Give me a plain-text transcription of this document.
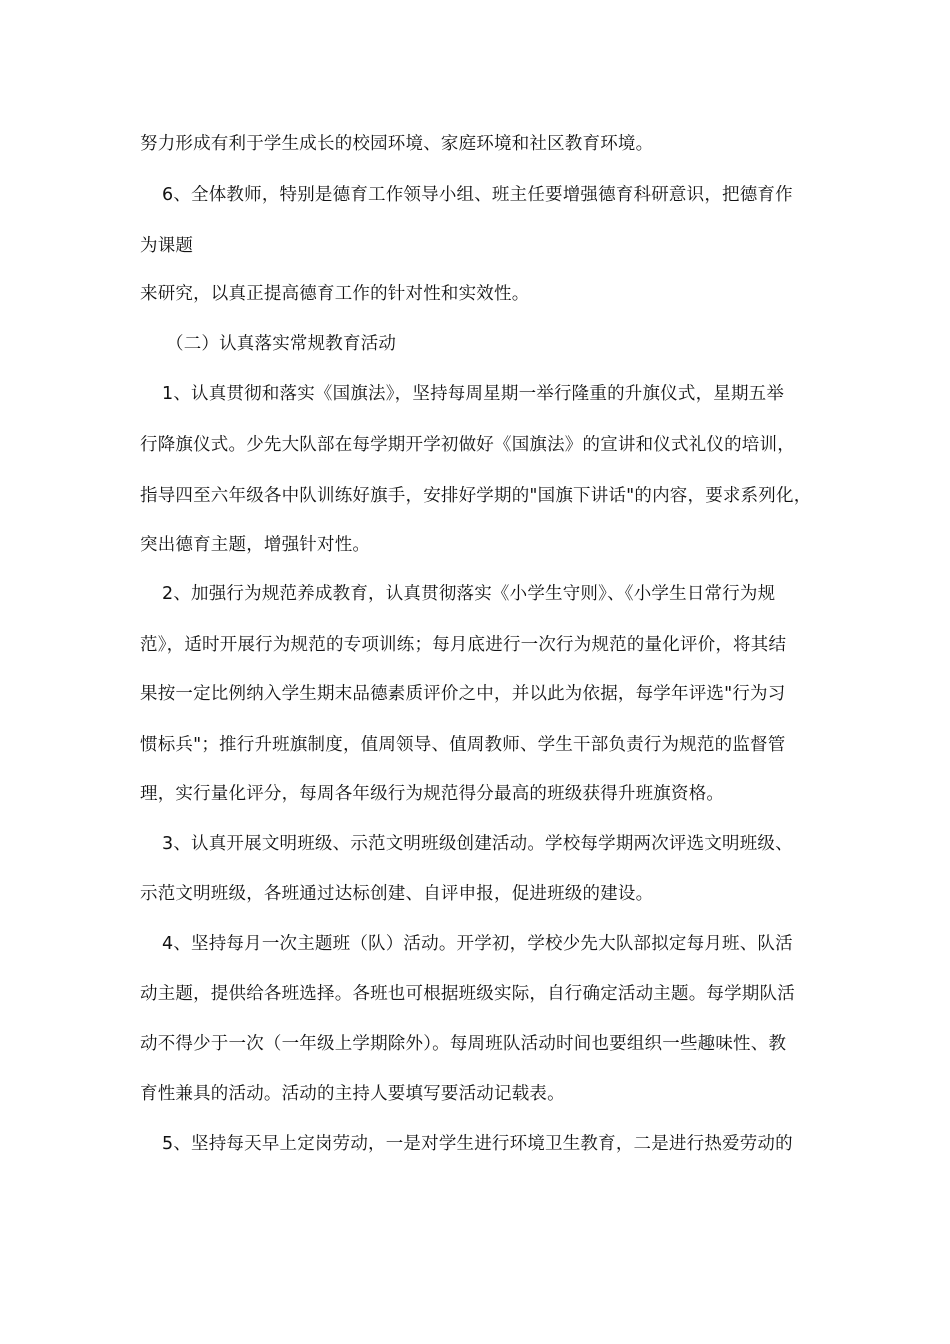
努力形成有利于学生成长的校园环境、家庭环境和社区教育环境。
6、全体教师，特别是德育工作领导小组、班主任要增强德育科研意识，把德育作
为课题
来研究，以真正提高德育工作的针对性和实效性。
（二）认真落实常规教育活动
1、认真贯彻和落实《国旗法》，坚持每周星期一举行隆重的升旗仪式，星期五举
行降旗仪式。少先大队部在每学期开学初做好《国旗法》的宣讲和仪式礼仪的培训，
指导四至六年级各中队训练好旗手，安排好学期的"国旗下讲话"的内容，要求系列化，
突出德育主题，增强针对性。
2、加强行为规范养成教育，认真贯彻落实《小学生守则》、《小学生日常行为规
范》，适时开展行为规范的专项训练；每月底进行一次行为规范的量化评价，将其结
果按一定比例纳入学生期末品德素质评价之中，并以此为依据，每学年评选"行为习
惯标兵"；推行升班旗制度，值周领导、值周教师、学生干部负责行为规范的监督管
理，实行量化评分，每周各年级行为规范得分最高的班级获得升班旗资格。
3、认真开展文明班级、示范文明班级创建活动。学校每学期两次评选文明班级、
示范文明班级，各班通过达标创建、自评申报，促进班级的建设。
4、坚持每月一次主题班（队）活动。开学初，学校少先大队部拟定每月班、队活
动主题，提供给各班选择。各班也可根据班级实际，自行确定活动主题。每学期队活
动不得少于一次（一年级上学期除外）。每周班队活动时间也要组织一些趣味性、教
育性兼具的活动。活动的主持人要填写要活动记载表。
5、坚持每天早上定岗劳动，一是对学生进行环境卫生教育，二是进行热爱劳动的
